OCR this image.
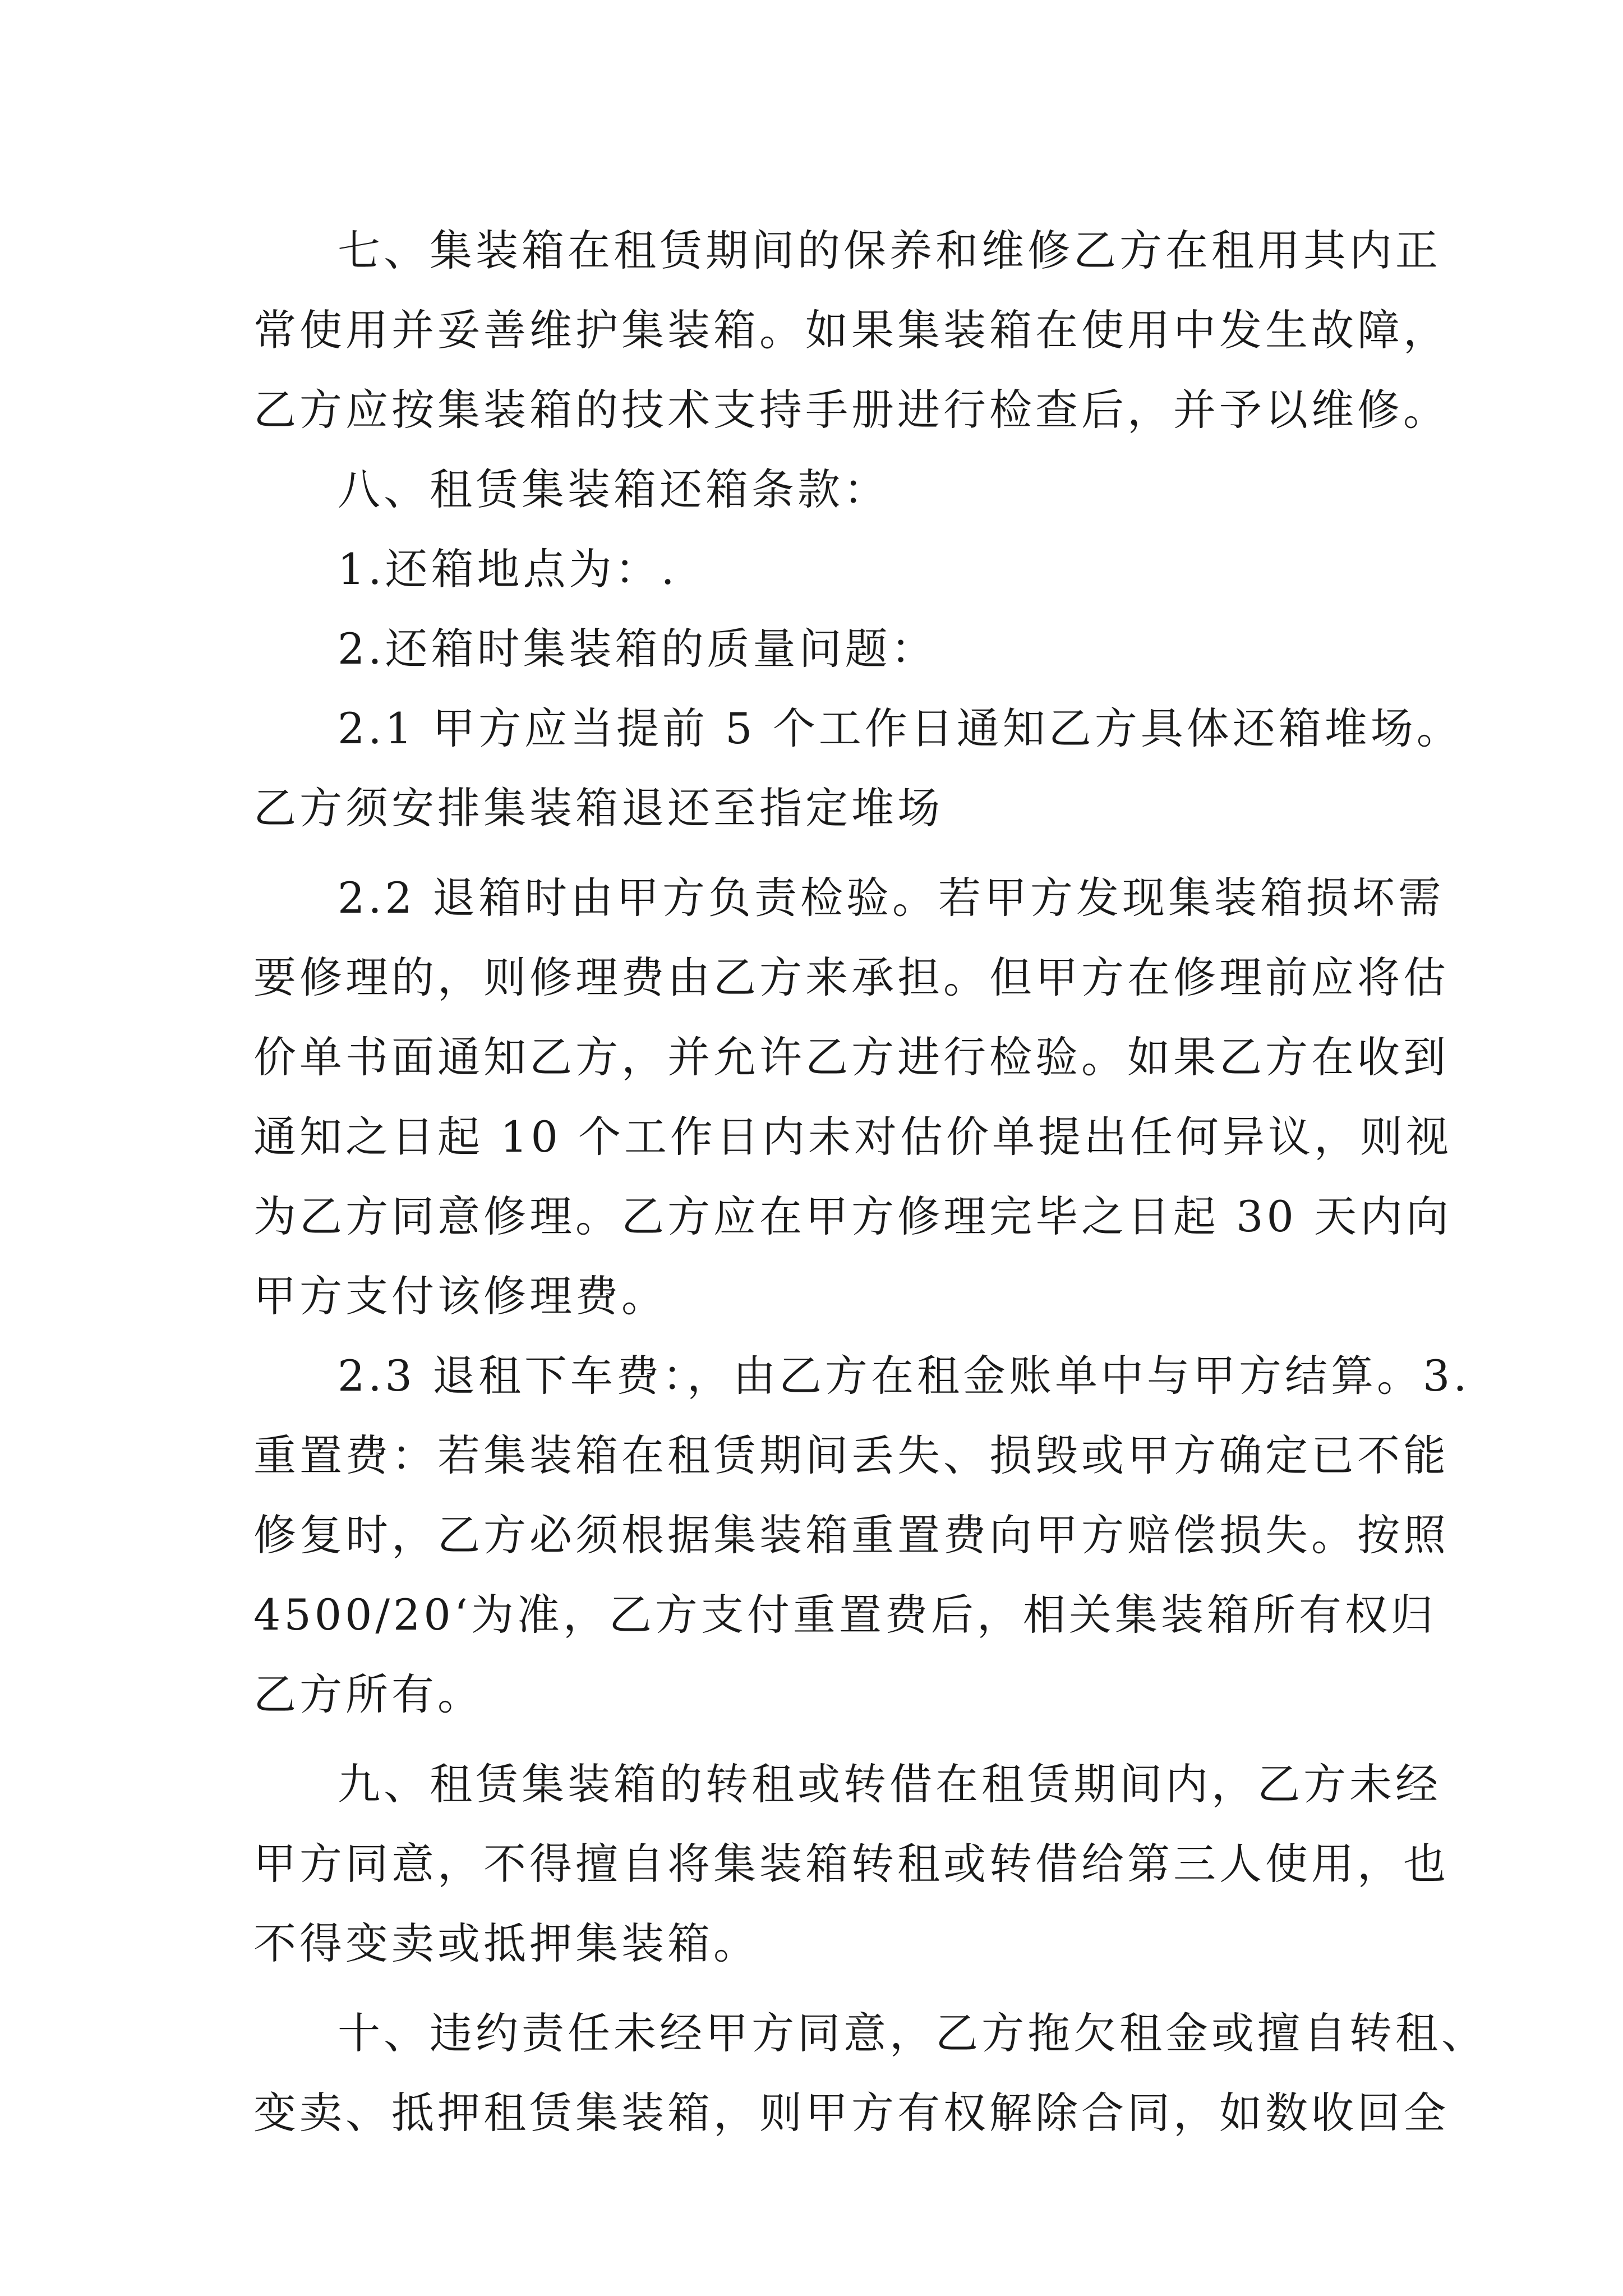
七、集装箱在租赁期间的保养和维修乙方在租用其内正
常使用并妥善维护集装箱。如果集装箱在使用中发生故障，
乙方应按集装箱的技术支持手册进行检查后，并予以维修。
八、租赁集装箱还箱条款：
1.还箱地点为：.
2.还箱时集装箱的质量问题：
2.1 甲方应当提前 5 个工作日通知乙方具体还箱堆场。
乙方须安排集装箱退还至指定堆场
2.2 退箱时由甲方负责检验。若甲方发现集装箱损坏需
要修理的，则修理费由乙方来承担。但甲方在修理前应将估
价单书面通知乙方，并允许乙方进行检验。如果乙方在收到
通知之日起 10 个工作日内未对估价单提出任何异议，则视
为乙方同意修理。乙方应在甲方修理完毕之日起 30 天内向
甲方支付该修理费。
2.3 退租下车费：，由乙方在租金账单中与甲方结算。3.
重置费：若集装箱在租赁期间丢失、损毁或甲方确定已不能
修复时，乙方必须根据集装箱重置费向甲方赔偿损失。按照
4500/20‘为准，乙方支付重置费后，相关集装箱所有权归
乙方所有。
九、租赁集装箱的转租或转借在租赁期间内，乙方未经
甲方同意，不得擅自将集装箱转租或转借给第三人使用，也
不得变卖或抵押集装箱。
十、违约责任未经甲方同意，乙方拖欠租金或擅自转租、
变卖、抵押租赁集装箱，则甲方有权解除合同，如数收回全
